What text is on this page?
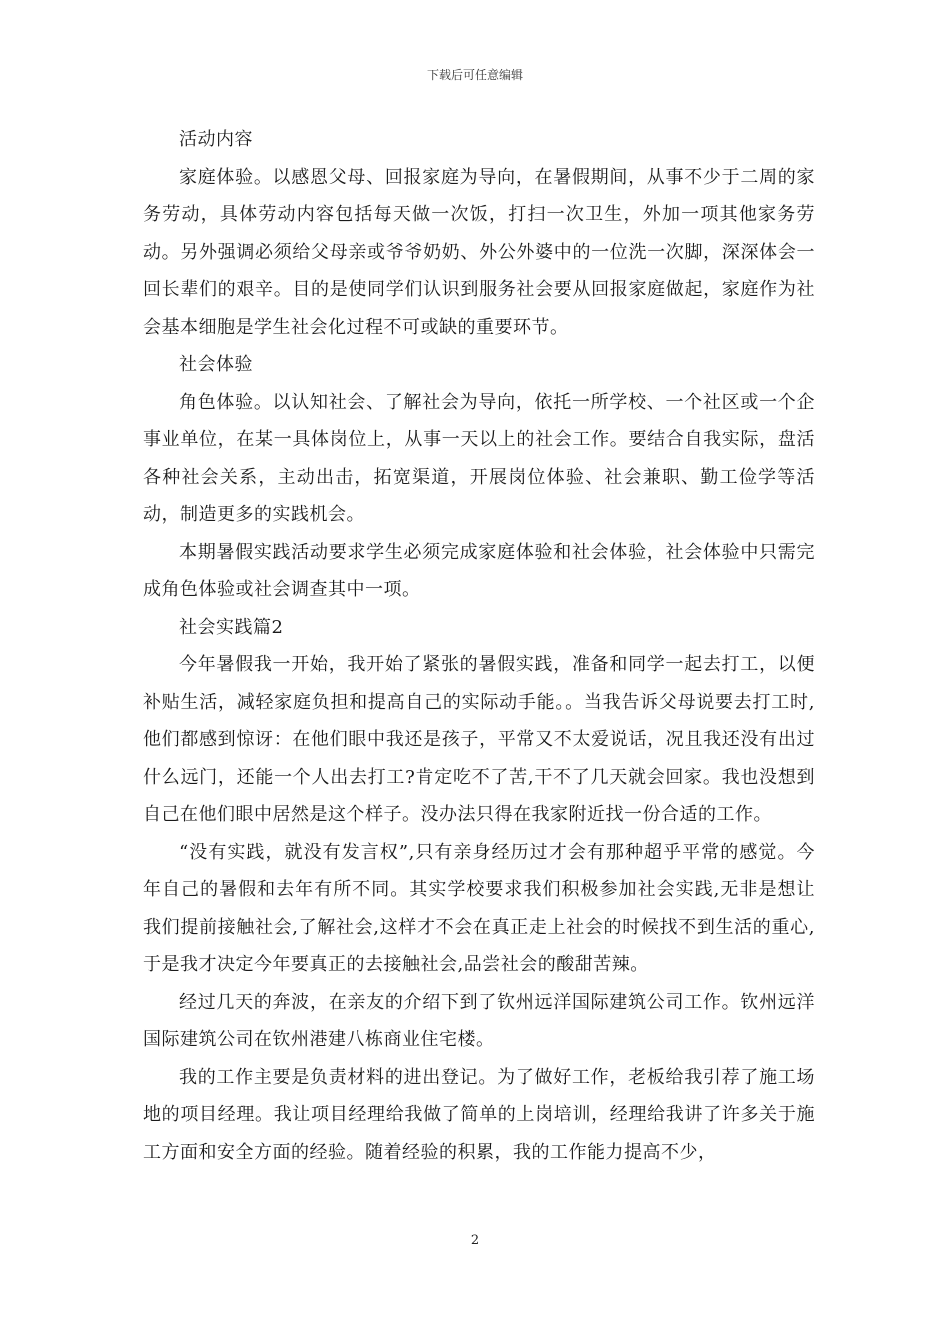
下载后可任意编辑

活动内容

家庭体验。以感恩父母、回报家庭为导向，在暑假期间，从事不少于二周的家务劳动，具体劳动内容包括每天做一次饭，打扫一次卫生，外加一项其他家务劳动。另外强调必须给父母亲或爷爷奶奶、外公外婆中的一位洗一次脚，深深体会一回长辈们的艰辛。目的是使同学们认识到服务社会要从回报家庭做起，家庭作为社会基本细胞是学生社会化过程不可或缺的重要环节。

社会体验

角色体验。以认知社会、了解社会为导向，依托一所学校、一个社区或一个企事业单位，在某一具体岗位上，从事一天以上的社会工作。要结合自我实际，盘活各种社会关系，主动出击，拓宽渠道，开展岗位体验、社会兼职、勤工俭学等活动，制造更多的实践机会。

本期暑假实践活动要求学生必须完成家庭体验和社会体验，社会体验中只需完成角色体验或社会调查其中一项。

社会实践篇2

今年暑假我一开始，我开始了紧张的暑假实践，准备和同学一起去打工，以便补贴生活，减轻家庭负担和提高自己的实际动手能。。当我告诉父母说要去打工时,他们都感到惊讶：在他们眼中我还是孩子，平常又不太爱说话，况且我还没有出过什么远门，还能一个人出去打工?肯定吃不了苦,干不了几天就会回家。我也没想到自己在他们眼中居然是这个样子。没办法只得在我家附近找一份合适的工作。

“没有实践，就没有发言权”,只有亲身经历过才会有那种超乎平常的感觉。今年自己的暑假和去年有所不同。其实学校要求我们积极参加社会实践,无非是想让我们提前接触社会,了解社会,这样才不会在真正走上社会的时候找不到生活的重心,于是我才决定今年要真正的去接触社会,品尝社会的酸甜苦辣。

经过几天的奔波，在亲友的介绍下到了钦州远洋国际建筑公司工作。钦州远洋国际建筑公司在钦州港建八栋商业住宅楼。

我的工作主要是负责材料的进出登记。为了做好工作，老板给我引荐了施工场地的项目经理。我让项目经理给我做了简单的上岗培训，经理给我讲了许多关于施工方面和安全方面的经验。随着经验的积累，我的工作能力提高不少，

2
